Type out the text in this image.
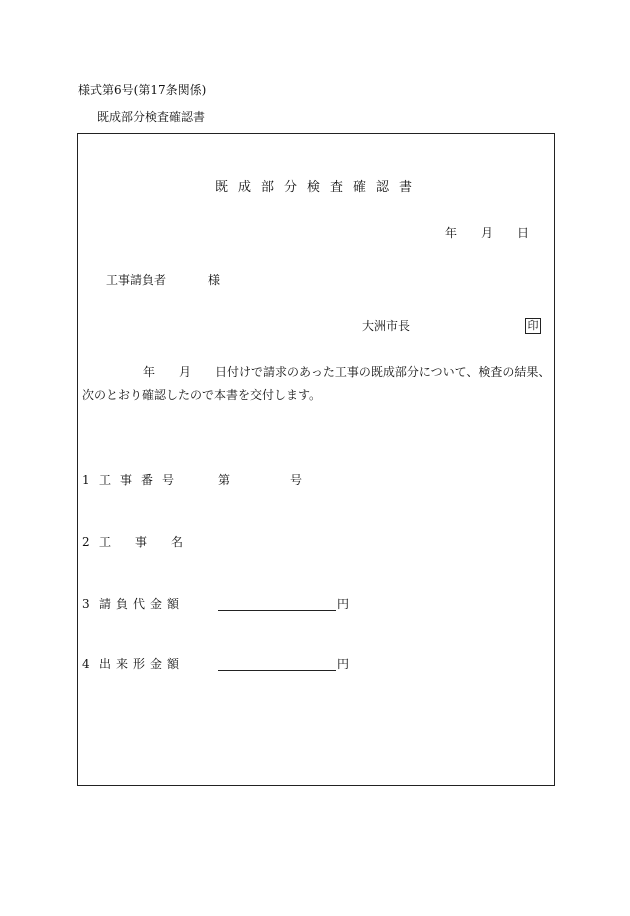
様式第6号(第17条関係)
既成部分検査確認書
既成部分検査確認書
年 月 日
工事請負者	様
大洲市長	印
年 月 日付けで請求のあった工事の既成部分について、検査の結果、
次のとおり確認したので本書を交付します。
1 工事番号	第	号
2 工　　事　　名
3 請負代金額	円
4 出来形金額	円
